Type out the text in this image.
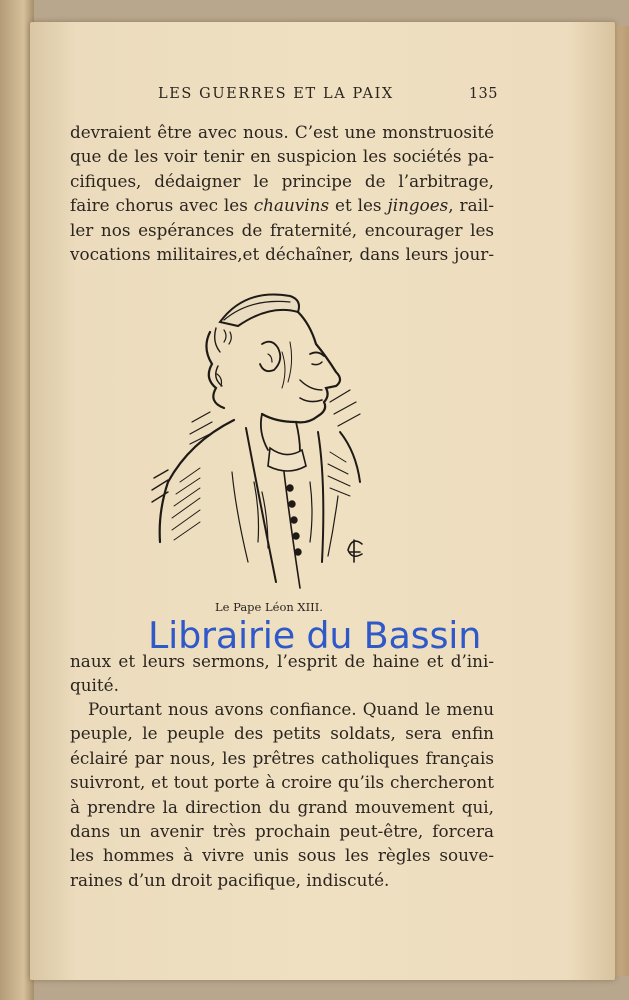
LES GUERRES ET LA PAIX	135
devraient être avec nous. C’est une monstruosité
que de les voir tenir en suspicion les sociétés pa-
cifiques, dédaigner le principe de l’arbitrage,
faire chorus avec les chauvins et les jingoes, rail-
ler nos espérances de fraternité, encourager les
vocations militaires,et déchaîner, dans leurs jour-
Le Pape Léon XIII.
Librairie du Bassin
naux et leurs sermons, l’esprit de haine et d’ini-
quité.
Pourtant nous avons confiance. Quand le menu
peuple, le peuple des petits soldats, sera enfin
éclairé par nous, les prêtres catholiques français
suivront, et tout porte à croire qu’ils chercheront
à prendre la direction du grand mouvement qui,
dans un avenir très prochain peut-être, forcera
les hommes à vivre unis sous les règles souve-
raines d’un droit pacifique, indiscuté.
